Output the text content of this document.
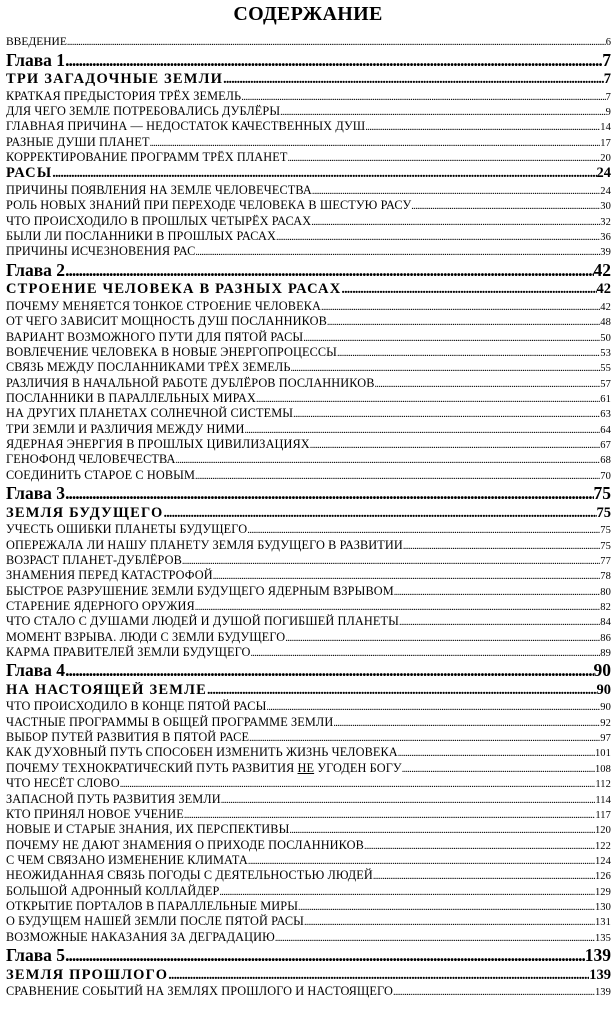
СОДЕРЖАНИЕ
ВВЕДЕНИЕ .....	6
Глава 1 .....	7
ТРИ ЗАГАДОЧНЫЕ ЗЕМЛИ .....	7
КРАТКАЯ ПРЕДЫСТОРИЯ ТРЁХ ЗЕМЕЛЬ .....	7
ДЛЯ ЧЕГО ЗЕМЛЕ ПОТРЕБОВАЛИСЬ ДУБЛЁРЫ .....	9
ГЛАВНАЯ ПРИЧИНА — НЕДОСТАТОК КАЧЕСТВЕННЫХ ДУШ .....	14
РАЗНЫЕ ДУШИ ПЛАНЕТ .....	17
КОРРЕКТИРОВАНИЕ ПРОГРАММ ТРЁХ ПЛАНЕТ .....	20
РАСЫ .....	24
ПРИЧИНЫ ПОЯВЛЕНИЯ НА ЗЕМЛЕ ЧЕЛОВЕЧЕСТВА .....	24
РОЛЬ НОВЫХ ЗНАНИЙ ПРИ ПЕРЕХОДЕ ЧЕЛОВЕКА В ШЕСТУЮ РАСУ .....	30
ЧТО ПРОИСХОДИЛО В ПРОШЛЫХ ЧЕТЫРЁХ РАСАХ .....	32
БЫЛИ ЛИ ПОСЛАННИКИ В ПРОШЛЫХ РАСАХ .....	36
ПРИЧИНЫ ИСЧЕЗНОВЕНИЯ РАС .....	39
Глава 2 .....	42
СТРОЕНИЕ ЧЕЛОВЕКА В РАЗНЫХ РАСАХ .....	42
ПОЧЕМУ МЕНЯЕТСЯ ТОНКОЕ СТРОЕНИЕ ЧЕЛОВЕКА .....	42
ОТ ЧЕГО ЗАВИСИТ МОЩНОСТЬ ДУШ ПОСЛАННИКОВ .....	48
ВАРИАНТ ВОЗМОЖНОГО ПУТИ ДЛЯ ПЯТОЙ РАСЫ .....	50
ВОВЛЕЧЕНИЕ ЧЕЛОВЕКА В НОВЫЕ ЭНЕРГОПРОЦЕССЫ .....	53
СВЯЗЬ МЕЖДУ ПОСЛАННИКАМИ ТРЁХ ЗЕМЕЛЬ .....	55
РАЗЛИЧИЯ В НАЧАЛЬНОЙ РАБОТЕ ДУБЛЁРОВ ПОСЛАННИКОВ .....	57
ПОСЛАННИКИ В ПАРАЛЛЕЛЬНЫХ МИРАХ .....	61
НА ДРУГИХ ПЛАНЕТАХ СОЛНЕЧНОЙ СИСТЕМЫ .....	63
ТРИ ЗЕМЛИ И РАЗЛИЧИЯ МЕЖДУ НИМИ .....	64
ЯДЕРНАЯ ЭНЕРГИЯ В ПРОШЛЫХ ЦИВИЛИЗАЦИЯХ .....	67
ГЕНОФОНД ЧЕЛОВЕЧЕСТВА .....	68
СОЕДИНИТЬ СТАРОЕ С НОВЫМ .....	70
Глава 3 .....	75
ЗЕМЛЯ БУДУЩЕГО .....	75
УЧЕСТЬ ОШИБКИ ПЛАНЕТЫ БУДУЩЕГО .....	75
ОПЕРЕЖАЛА ЛИ НАШУ ПЛАНЕТУ ЗЕМЛЯ БУДУЩЕГО В РАЗВИТИИ .....	75
ВОЗРАСТ ПЛАНЕТ-ДУБЛЁРОВ .....	77
ЗНАМЕНИЯ ПЕРЕД КАТАСТРОФОЙ .....	78
БЫСТРОЕ РАЗРУШЕНИЕ ЗЕМЛИ БУДУЩЕГО ЯДЕРНЫМ ВЗРЫВОМ .....	80
СТАРЕНИЕ ЯДЕРНОГО ОРУЖИЯ .....	82
ЧТО СТАЛО С ДУШАМИ ЛЮДЕЙ И ДУШОЙ ПОГИБШЕЙ ПЛАНЕТЫ .....	84
МОМЕНТ ВЗРЫВА. ЛЮДИ С ЗЕМЛИ БУДУЩЕГО .....	86
КАРМА ПРАВИТЕЛЕЙ ЗЕМЛИ БУДУЩЕГО .....	89
Глава 4 .....	90
НА НАСТОЯЩЕЙ ЗЕМЛЕ .....	90
ЧТО ПРОИСХОДИЛО В КОНЦЕ ПЯТОЙ РАСЫ .....	90
ЧАСТНЫЕ ПРОГРАММЫ В ОБЩЕЙ ПРОГРАММЕ ЗЕМЛИ .....	92
ВЫБОР ПУТЕЙ РАЗВИТИЯ В ПЯТОЙ РАСЕ .....	97
КАК ДУХОВНЫЙ ПУТЬ СПОСОБЕН ИЗМЕНИТЬ ЖИЗНЬ ЧЕЛОВЕКА .....	101
ПОЧЕМУ ТЕХНОКРАТИЧЕСКИЙ ПУТЬ РАЗВИТИЯ НЕ УГОДЕН БОГУ .....	108
ЧТО НЕСЁТ СЛОВО .....	112
ЗАПАСНОЙ ПУТЬ РАЗВИТИЯ ЗЕМЛИ .....	114
КТО ПРИНЯЛ НОВОЕ УЧЕНИЕ .....	117
НОВЫЕ И СТАРЫЕ ЗНАНИЯ, ИХ ПЕРСПЕКТИВЫ .....	120
ПОЧЕМУ НЕ ДАЮТ ЗНАМЕНИЯ О ПРИХОДЕ ПОСЛАННИКОВ .....	122
С ЧЕМ СВЯЗАНО ИЗМЕНЕНИЕ КЛИМАТА .....	124
НЕОЖИДАННАЯ СВЯЗЬ ПОГОДЫ С ДЕЯТЕЛЬНОСТЬЮ ЛЮДЕЙ .....	126
БОЛЬШОЙ АДРОННЫЙ КОЛЛАЙДЕР .....	129
ОТКРЫТИЕ ПОРТАЛОВ В ПАРАЛЛЕЛЬНЫЕ МИРЫ .....	130
О БУДУЩЕМ НАШЕЙ ЗЕМЛИ ПОСЛЕ ПЯТОЙ РАСЫ .....	131
ВОЗМОЖНЫЕ НАКАЗАНИЯ ЗА ДЕГРАДАЦИЮ .....	135
Глава 5 .....	139
ЗЕМЛЯ ПРОШЛОГО .....	139
СРАВНЕНИЕ СОБЫТИЙ НА ЗЕМЛЯХ ПРОШЛОГО И НАСТОЯЩЕГО .....	139
